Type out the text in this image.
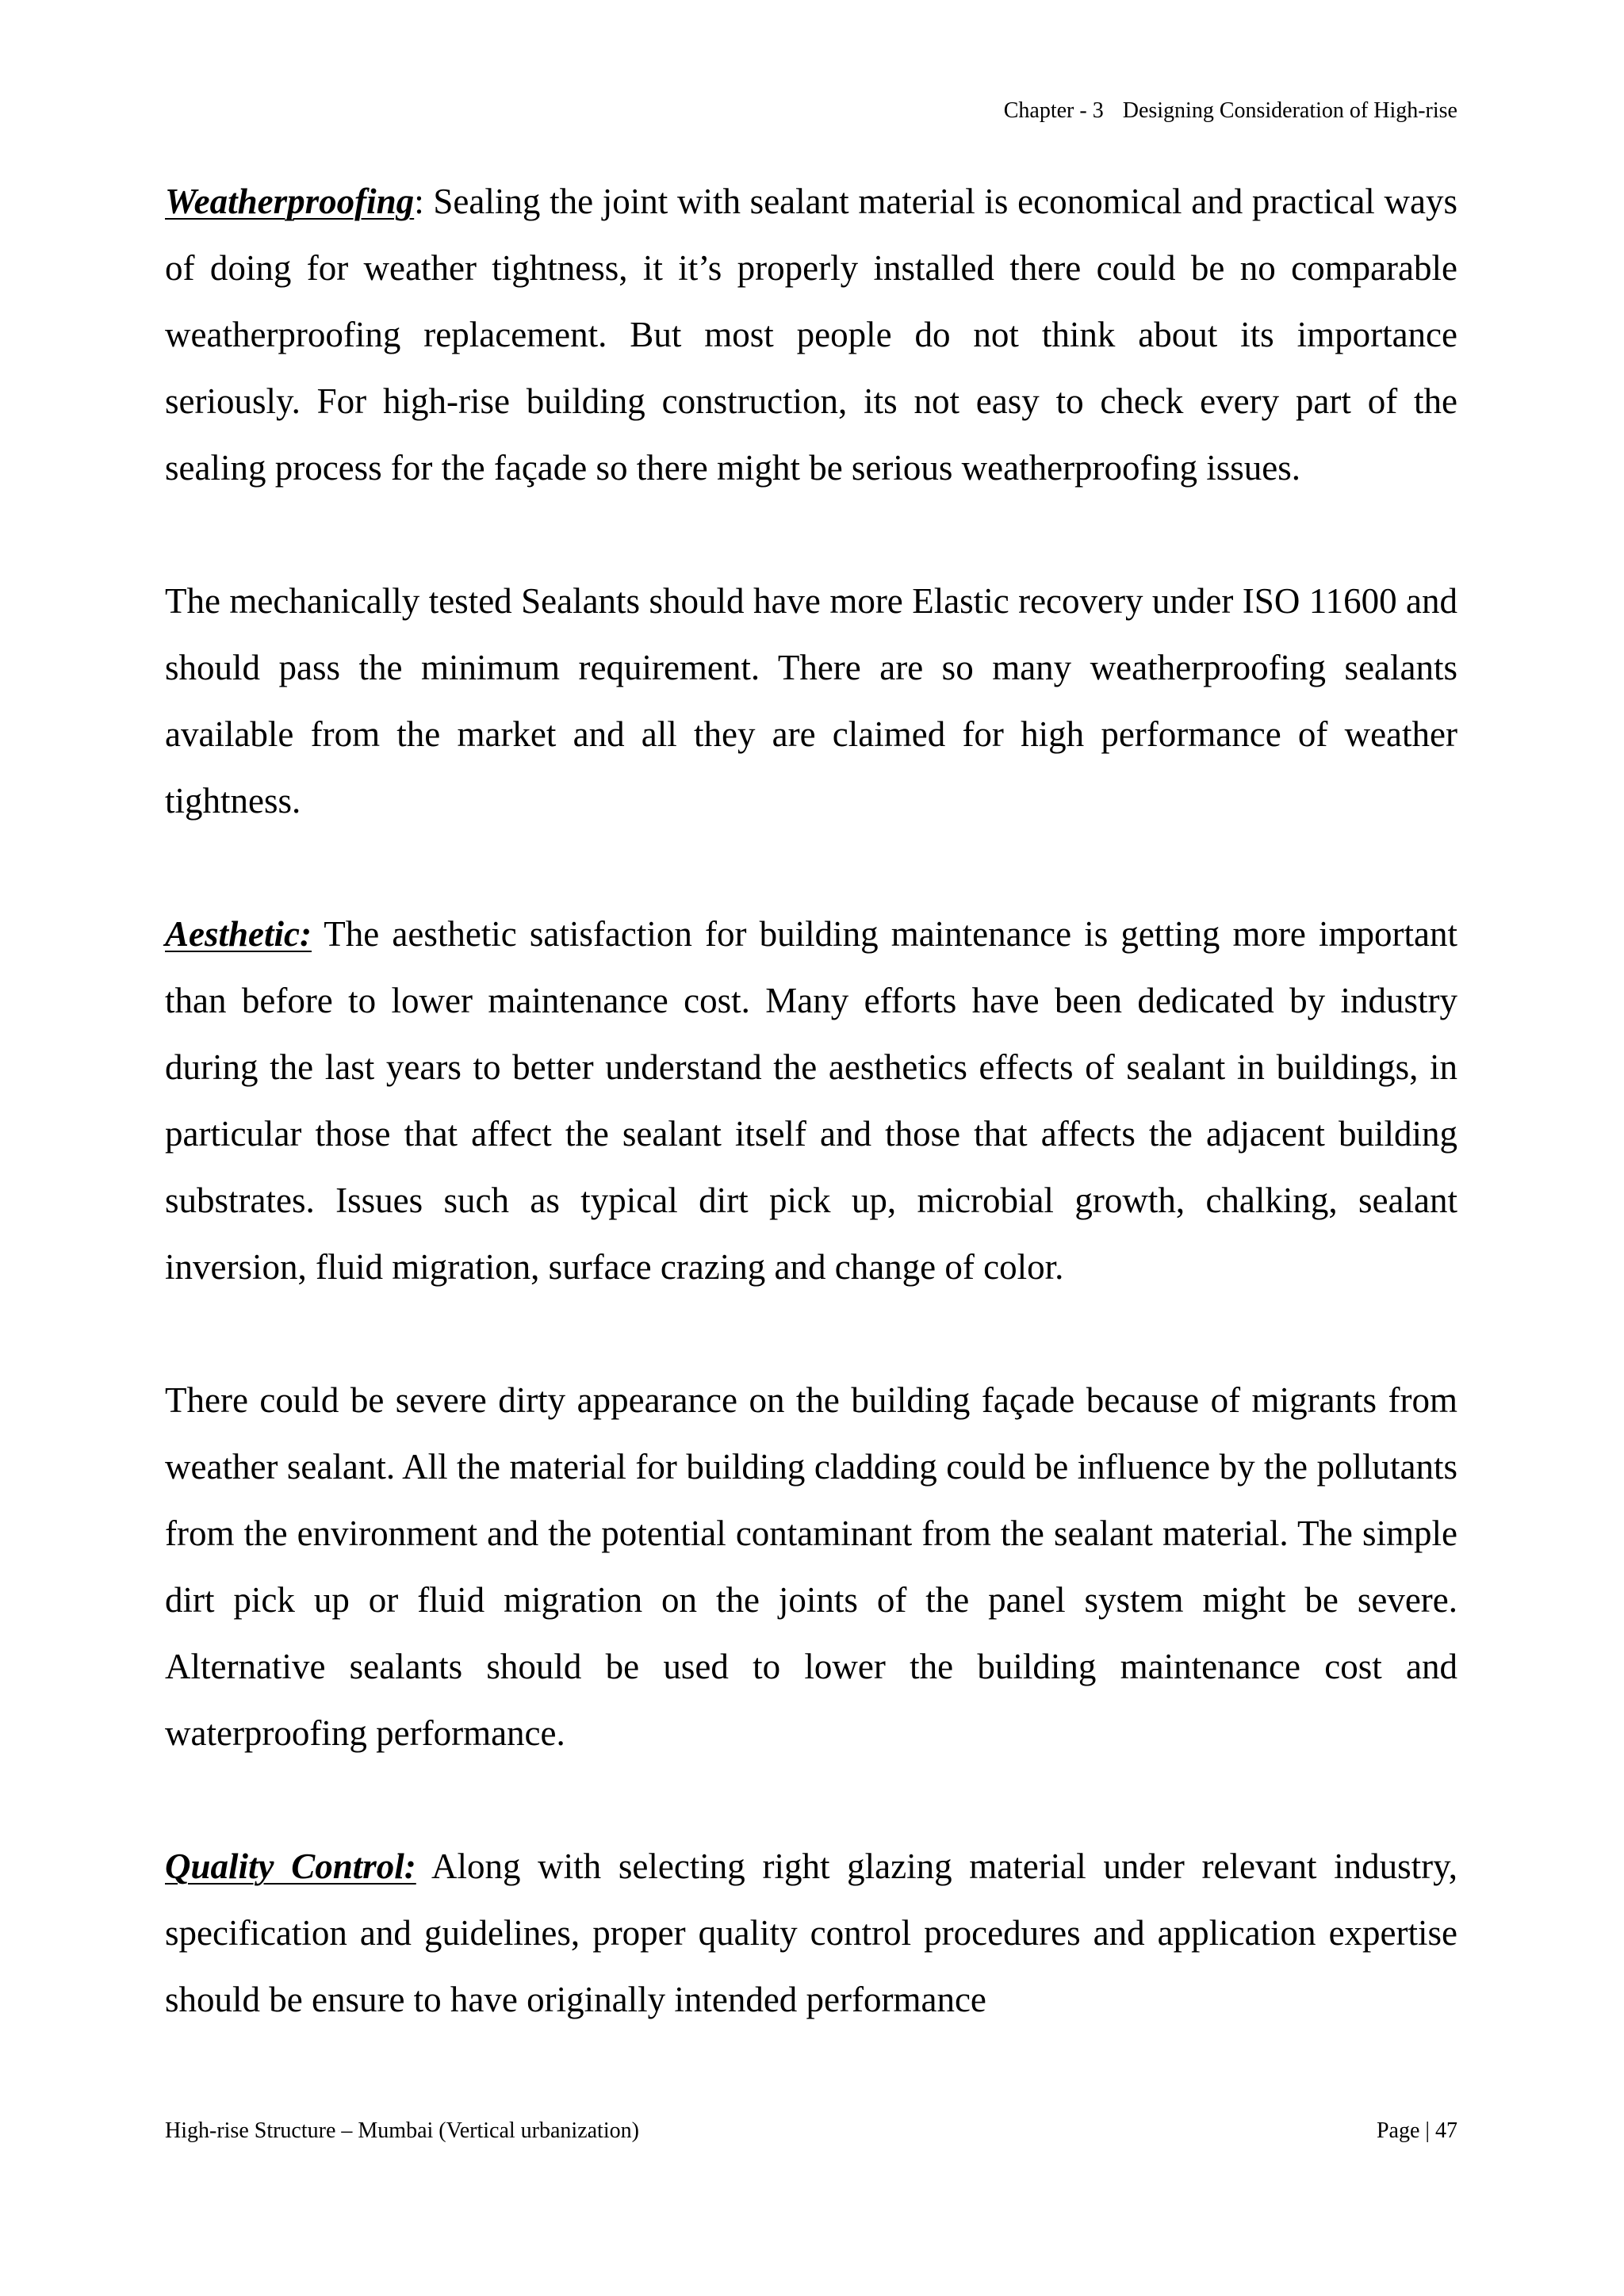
Chapter - 3 Designing Consideration of High-rise

Weatherproofing: Sealing the joint with sealant material is economical and practical ways of doing for weather tightness, it it’s properly installed there could be no comparable weatherproofing replacement. But most people do not think about its importance seriously. For high-rise building construction, its not easy to check every part of the sealing process for the façade so there might be serious weatherproofing issues.

The mechanically tested Sealants should have more Elastic recovery under ISO 11600 and should pass the minimum requirement. There are so many weatherproofing sealants available from the market and all they are claimed for high performance of weather tightness.

Aesthetic: The aesthetic satisfaction for building maintenance is getting more important than before to lower maintenance cost. Many efforts have been dedicated by industry during the last years to better understand the aesthetics effects of sealant in buildings, in particular those that affect the sealant itself and those that affects the adjacent building substrates. Issues such as typical dirt pick up, microbial growth, chalking, sealant inversion, fluid migration, surface crazing and change of color.

There could be severe dirty appearance on the building façade because of migrants from weather sealant. All the material for building cladding could be influence by the pollutants from the environment and the potential contaminant from the sealant material. The simple dirt pick up or fluid migration on the joints of the panel system might be severe. Alternative sealants should be used to lower the building maintenance cost and waterproofing performance.

Quality Control: Along with selecting right glazing material under relevant industry, specification and guidelines, proper quality control procedures and application expertise should be ensure to have originally intended performance

High-rise Structure – Mumbai (Vertical urbanization)	Page | 47
